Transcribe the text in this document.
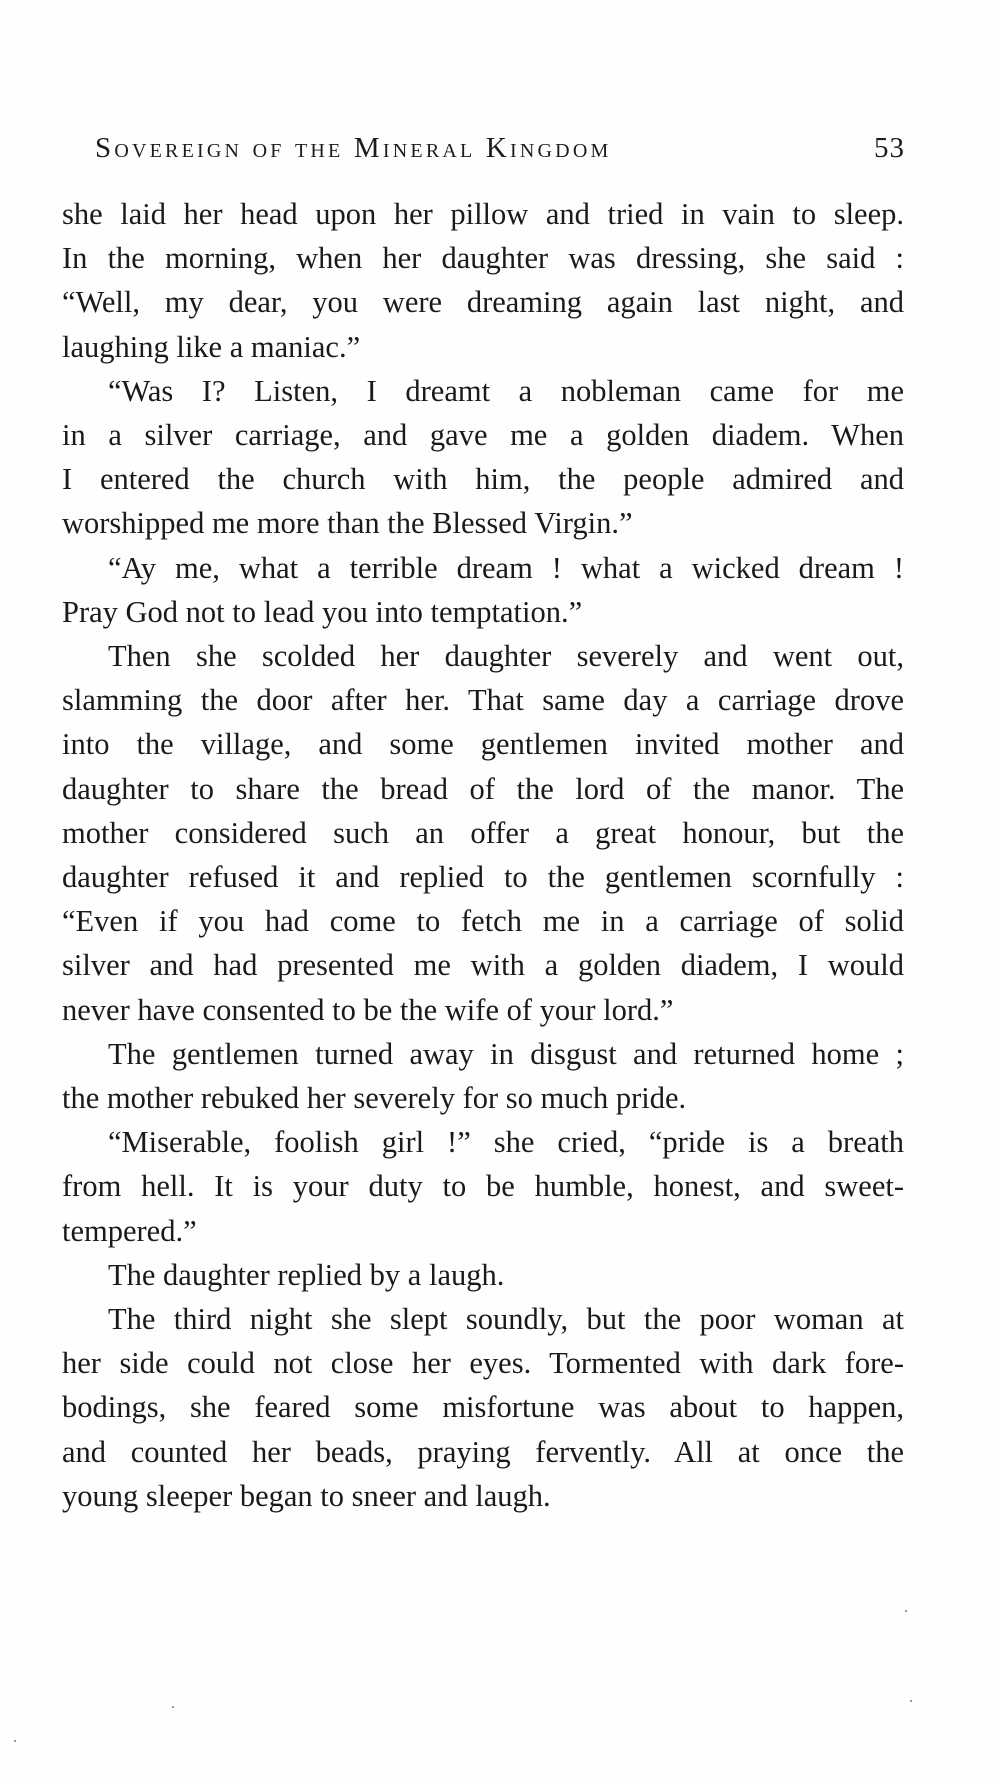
Sovereign of the Mineral Kingdom	53

she laid her head upon her pillow and tried in vain to sleep.
In the morning, when her daughter was dressing, she said :
“Well, my dear, you were dreaming again last night, and
laughing like a maniac.”

“Was I? Listen, I dreamt a nobleman came for me
in a silver carriage, and gave me a golden diadem. When
I entered the church with him, the people admired and
worshipped me more than the Blessed Virgin.”

“Ay me, what a terrible dream ! what a wicked dream !
Pray God not to lead you into temptation.”

Then she scolded her daughter severely and went out,
slamming the door after her. That same day a carriage drove
into the village, and some gentlemen invited mother and
daughter to share the bread of the lord of the manor. The
mother considered such an offer a great honour, but the
daughter refused it and replied to the gentlemen scornfully :
“Even if you had come to fetch me in a carriage of solid
silver and had presented me with a golden diadem, I would
never have consented to be the wife of your lord.”

The gentlemen turned away in disgust and returned home ;
the mother rebuked her severely for so much pride.

“Miserable, foolish girl !” she cried, “pride is a breath
from hell. It is your duty to be humble, honest, and sweet-
tempered.”

The daughter replied by a laugh.

The third night she slept soundly, but the poor woman at
her side could not close her eyes. Tormented with dark fore-
bodings, she feared some misfortune was about to happen,
and counted her beads, praying fervently. All at once the
young sleeper began to sneer and laugh.
